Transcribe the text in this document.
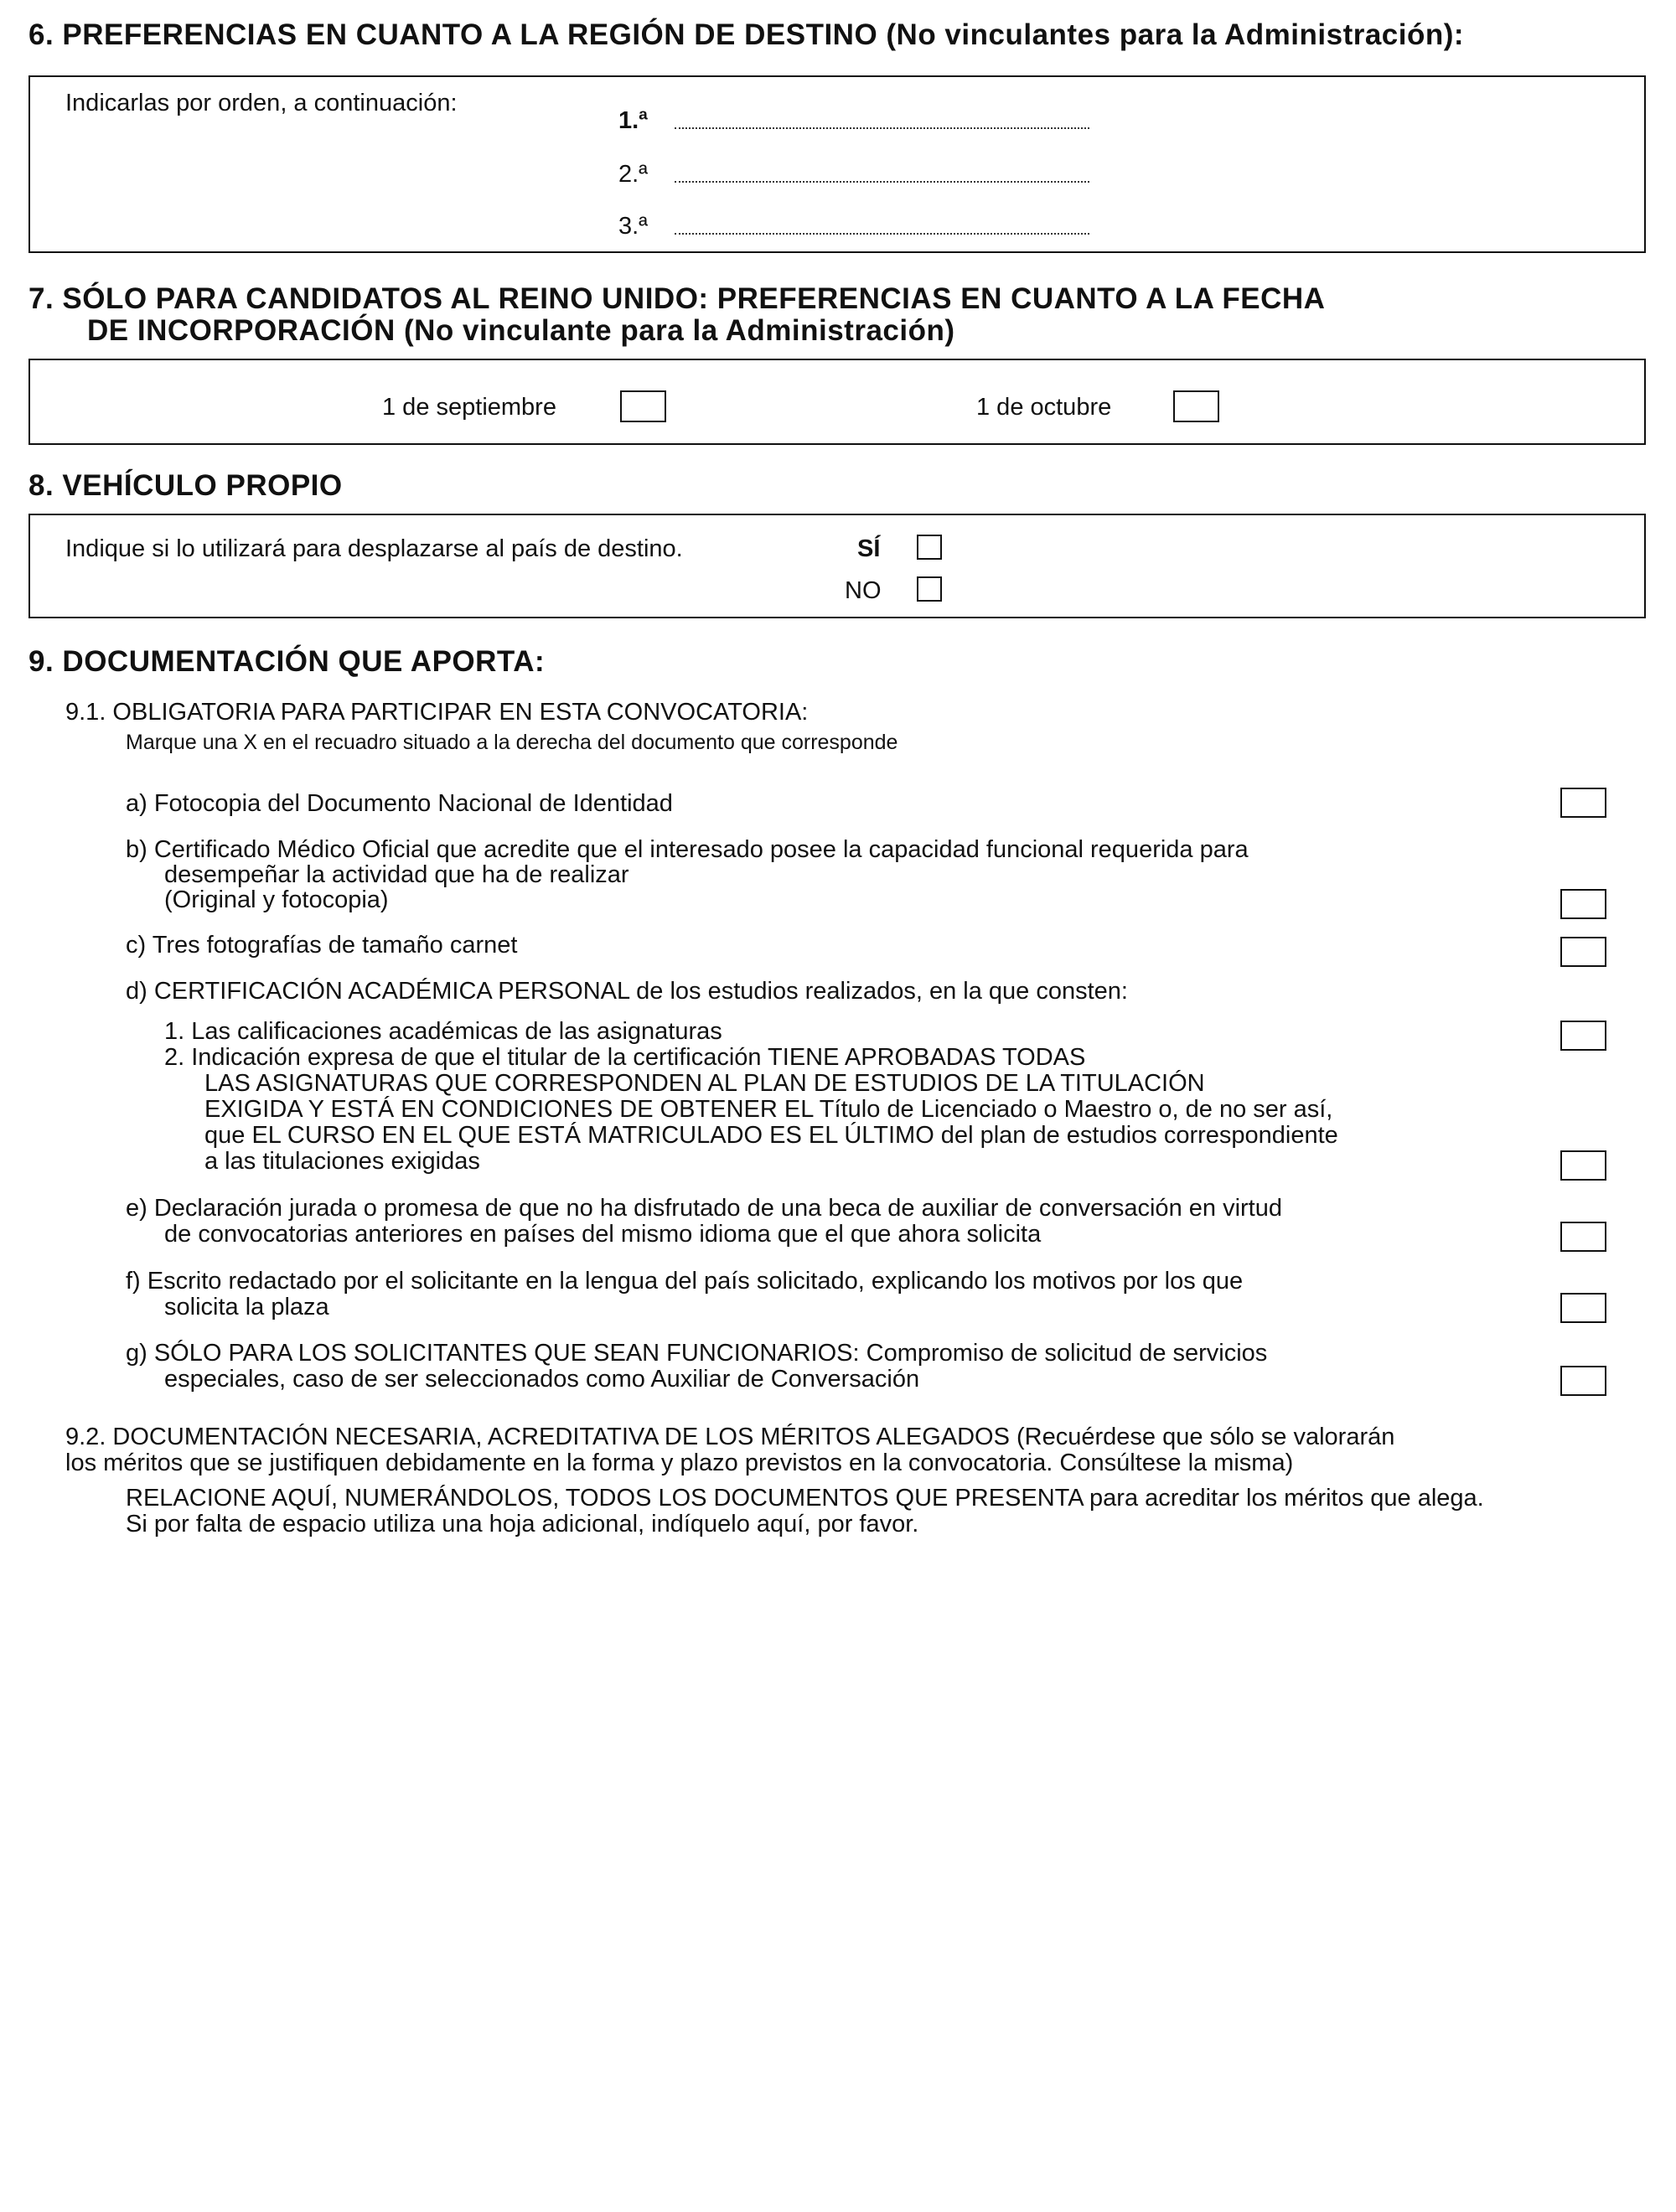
6. PREFERENCIAS EN CUANTO A LA REGIÓN DE DESTINO (No vinculantes para la Administración):
Indicarlas por orden, a continuación:
1.ª
2.ª
3.ª
7. SÓLO PARA CANDIDATOS AL REINO UNIDO: PREFERENCIAS EN CUANTO A LA FECHA
DE INCORPORACIÓN (No vinculante para la Administración)
1 de septiembre	1 de octubre
8. VEHÍCULO PROPIO
Indique si lo utilizará para desplazarse al país de destino.	SÍ
NO
9. DOCUMENTACIÓN QUE APORTA:
9.1. OBLIGATORIA PARA PARTICIPAR EN ESTA CONVOCATORIA:
Marque una X en el recuadro situado a la derecha del documento que corresponde
a) Fotocopia del Documento Nacional de Identidad
b) Certificado Médico Oficial que acredite que el interesado posee la capacidad funcional requerida para
desempeñar la actividad que ha de realizar
(Original y fotocopia)
c) Tres fotografías de tamaño carnet
d) CERTIFICACIÓN ACADÉMICA PERSONAL de los estudios realizados, en la que consten:
1. Las calificaciones académicas de las asignaturas
2. Indicación expresa de que el titular de la certificación TIENE APROBADAS TODAS
LAS ASIGNATURAS QUE CORRESPONDEN AL PLAN DE ESTUDIOS DE LA TITULACIÓN
EXIGIDA Y ESTÁ EN CONDICIONES DE OBTENER EL Título de Licenciado o Maestro o, de no ser así,
que EL CURSO EN EL QUE ESTÁ MATRICULADO ES EL ÚLTIMO del plan de estudios correspondiente
a las titulaciones exigidas
e) Declaración jurada o promesa de que no ha disfrutado de una beca de auxiliar de conversación en virtud
de convocatorias anteriores en países del mismo idioma que el que ahora solicita
f) Escrito redactado por el solicitante en la lengua del país solicitado, explicando los motivos por los que
solicita la plaza
g) SÓLO PARA LOS SOLICITANTES QUE SEAN FUNCIONARIOS: Compromiso de solicitud de servicios
especiales, caso de ser seleccionados como Auxiliar de Conversación
9.2. DOCUMENTACIÓN NECESARIA, ACREDITATIVA DE LOS MÉRITOS ALEGADOS (Recuérdese que sólo se valorarán
los méritos que se justifiquen debidamente en la forma y plazo previstos en la convocatoria. Consúltese la misma)
RELACIONE AQUÍ, NUMERÁNDOLOS, TODOS LOS DOCUMENTOS QUE PRESENTA para acreditar los méritos que alega.
Si por falta de espacio utiliza una hoja adicional, indíquelo aquí, por favor.
